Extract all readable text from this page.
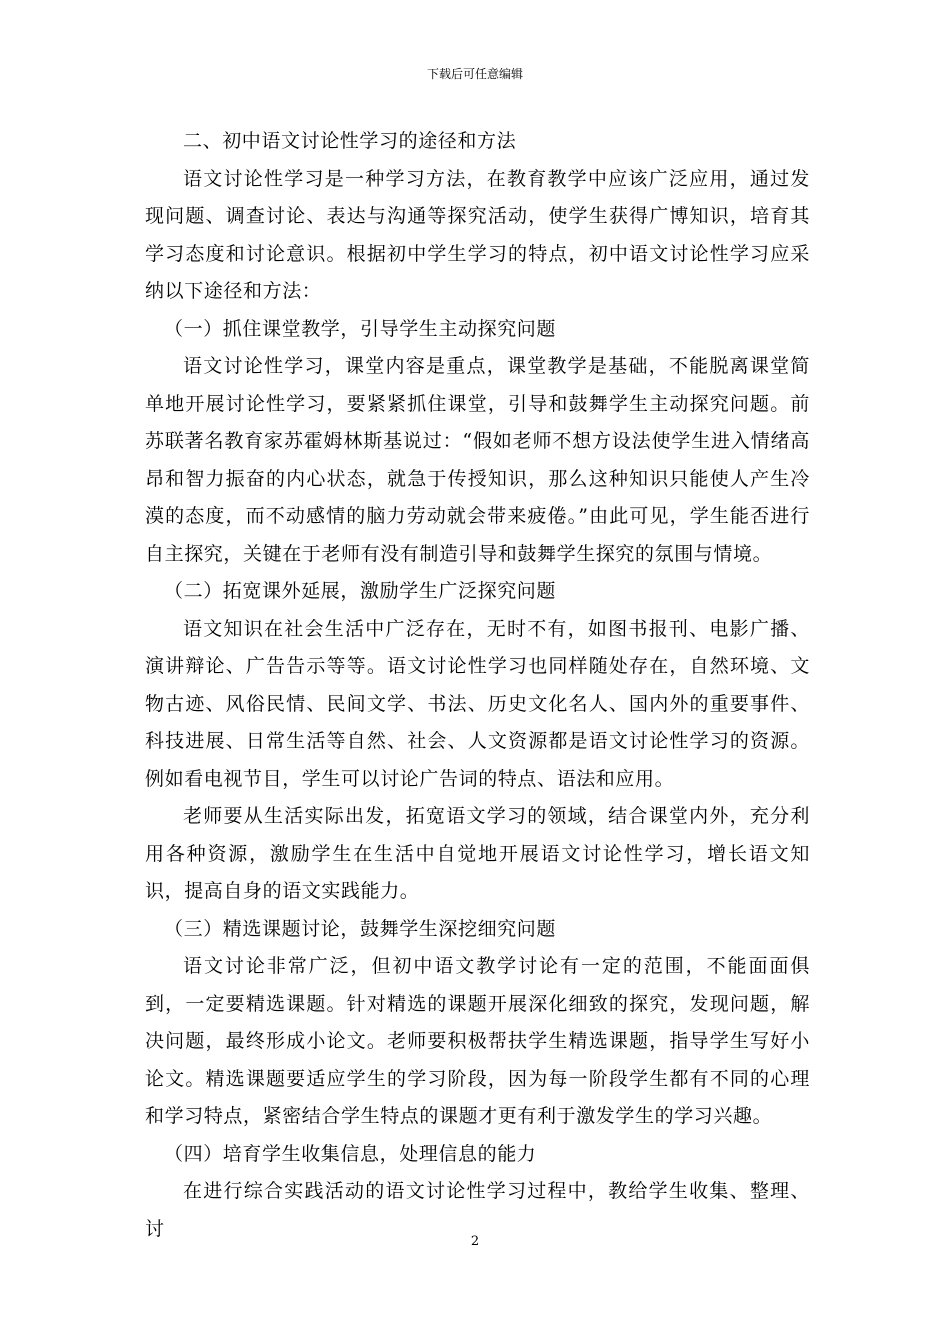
下载后可任意编辑

二、初中语文讨论性学习的途径和方法

语文讨论性学习是一种学习方法，在教育教学中应该广泛应用，通过发现问题、调查讨论、表达与沟通等探究活动，使学生获得广博知识，培育其学习态度和讨论意识。根据初中学生学习的特点，初中语文讨论性学习应采纳以下途径和方法：

（一）抓住课堂教学，引导学生主动探究问题

语文讨论性学习，课堂内容是重点，课堂教学是基础，不能脱离课堂简单地开展讨论性学习，要紧紧抓住课堂，引导和鼓舞学生主动探究问题。前苏联著名教育家苏霍姆林斯基说过：“假如老师不想方设法使学生进入情绪高昂和智力振奋的内心状态，就急于传授知识，那么这种知识只能使人产生冷漠的态度，而不动感情的脑力劳动就会带来疲倦。”由此可见，学生能否进行自主探究，关键在于老师有没有制造引导和鼓舞学生探究的氛围与情境。

（二）拓宽课外延展，激励学生广泛探究问题

语文知识在社会生活中广泛存在，无时不有，如图书报刊、电影广播、演讲辩论、广告告示等等。语文讨论性学习也同样随处存在，自然环境、文物古迹、风俗民情、民间文学、书法、历史文化名人、国内外的重要事件、科技进展、日常生活等自然、社会、人文资源都是语文讨论性学习的资源。例如看电视节目，学生可以讨论广告词的特点、语法和应用。

老师要从生活实际出发，拓宽语文学习的领域，结合课堂内外，充分利用各种资源，激励学生在生活中自觉地开展语文讨论性学习，增长语文知识，提高自身的语文实践能力。

（三）精选课题讨论，鼓舞学生深挖细究问题

语文讨论非常广泛，但初中语文教学讨论有一定的范围，不能面面俱到，一定要精选课题。针对精选的课题开展深化细致的探究，发现问题，解决问题，最终形成小论文。老师要积极帮扶学生精选课题，指导学生写好小论文。精选课题要适应学生的学习阶段，因为每一阶段学生都有不同的心理和学习特点，紧密结合学生特点的课题才更有利于激发学生的学习兴趣。

（四）培育学生收集信息，处理信息的能力

在进行综合实践活动的语文讨论性学习过程中，教给学生收集、整理、讨

2
